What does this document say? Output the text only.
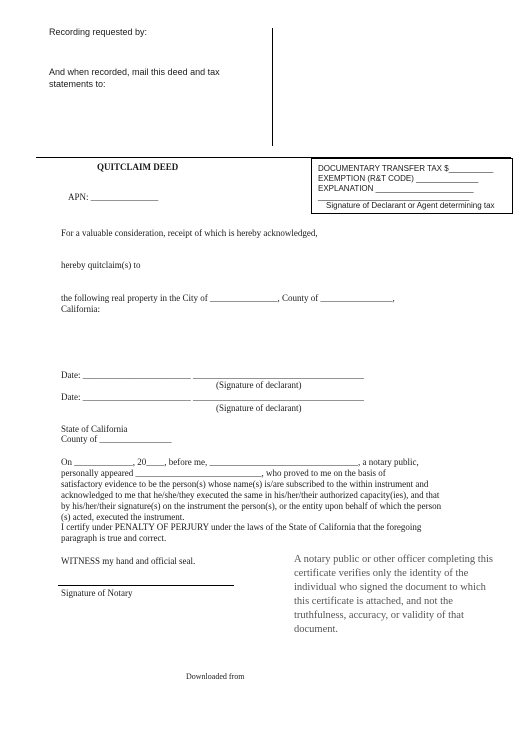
Recording requested by:
And when recorded, mail this deed and tax
statements to:
QUITCLAIM DEED
APN: _______________
DOCUMENTARY TRANSFER TAX $__________
EXEMPTION (R&T CODE) ______________
EXPLANATION ______________________
__________________________________
Signature of Declarant or Agent determining tax
For a valuable consideration, receipt of which is hereby acknowledged,
hereby quitclaim(s) to
the following real property in the City of _______________, County of ________________,
California:
Date: ________________________ ______________________________________
(Signature of declarant)
Date: ________________________ ______________________________________
(Signature of declarant)
State of California
County of ________________
On _____________, 20____, before me, _________________________________, a notary public,
personally appeared ____________________________, who proved to me on the basis of
satisfactory evidence to be the person(s) whose name(s) is/are subscribed to the within instrument and
acknowledged to me that he/she/they executed the same in his/her/their authorized capacity(ies), and that
by his/her/their signature(s) on the instrument the person(s), or the entity upon behalf of which the person
(s) acted, executed the instrument.
I certify under PENALTY OF PERJURY under the laws of the State of California that the foregoing
paragraph is true and correct.
WITNESS my hand and official seal.
Signature of Notary
A notary public or other officer completing this certificate verifies only the identity of the individual who signed the document to which this certificate is attached, and not the truthfulness, accuracy, or validity of that document.
Downloaded from
